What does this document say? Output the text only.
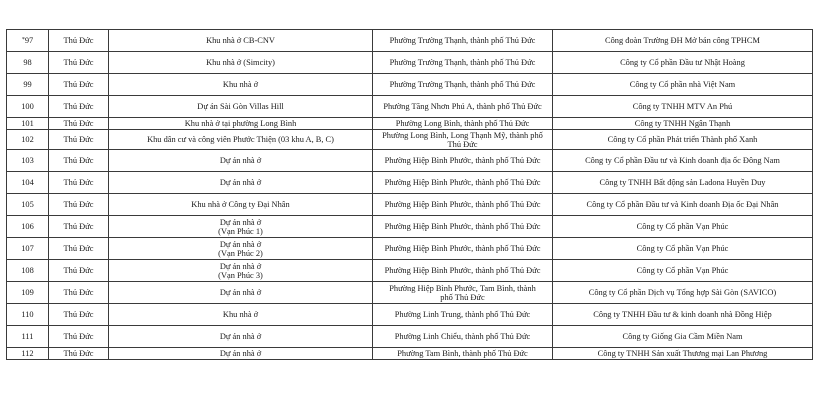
*97	Thủ Đức	Khu nhà ở CB-CNV	Phường Trường Thạnh, thành phố Thủ Đức	Công đoàn Trường ĐH Mở bán công TPHCM
98	Thủ Đức	Khu nhà ở (Simcity)	Phường Trường Thạnh, thành phố Thủ Đức	Công ty Cổ phần Đầu tư Nhật Hoàng
99	Thủ Đức	Khu nhà ở	Phường Trường Thạnh, thành phố Thủ Đức	Công ty Cổ phần nhà Việt Nam
100	Thủ Đức	Dự án Sài Gòn Villas Hill	Phường Tăng Nhơn Phú A, thành phố Thủ Đức	Công ty TNHH MTV An Phú
101	Thủ Đức	Khu nhà ở tại phường Long Bình	Phường Long Bình, thành phố Thủ Đức	Công ty TNHH Ngân Thạnh
102	Thủ Đức	Khu dân cư và công viên Phước Thiện (03 khu A, B, C)	Phường Long Bình, Long Thạnh Mỹ, thành phố
Thủ Đức	Công ty Cổ phần Phát triển Thành phố Xanh
103	Thủ Đức	Dự án nhà ở	Phường Hiệp Bình Phước, thành phố Thủ Đức	Công ty Cổ phần Đầu tư và Kinh doanh địa ốc Đông Nam
104	Thủ Đức	Dự án nhà ở	Phường Hiệp Bình Phước, thành phố Thủ Đức	Công ty TNHH Bất động sản Ladona Huyền Duy
105	Thủ Đức	Khu nhà ở Công ty Đại Nhân	Phường Hiệp Bình Phước, thành phố Thủ Đức	Công ty Cổ phần Đầu tư và Kinh doanh Địa ốc Đại Nhân
106	Thủ Đức	Dự án nhà ở
(Vạn Phúc 1)	Phường Hiệp Bình Phước, thành phố Thủ Đức	Công ty Cổ phần Vạn Phúc
107	Thủ Đức	Dự án nhà ở
(Vạn Phúc 2)	Phường Hiệp Bình Phước, thành phố Thủ Đức	Công ty Cổ phần Vạn Phúc
108	Thủ Đức	Dự án nhà ở
(Vạn Phúc 3)	Phường Hiệp Bình Phước, thành phố Thủ Đức	Công ty Cổ phần Vạn Phúc
109	Thủ Đức	Dự án nhà ở	Phường Hiệp Bình Phước, Tam Bình, thành
phố Thủ Đức	Công ty Cổ phần Dịch vụ Tổng hợp Sài Gòn (SAVICO)
110	Thủ Đức	Khu nhà ở	Phường Linh Trung, thành phố Thủ Đức	Công ty TNHH Đầu tư & kinh doanh nhà Đồng Hiệp
111	Thủ Đức	Dự án nhà ở	Phường Linh Chiểu, thành phố Thủ Đức	Công ty Giống Gia Cầm Miền Nam
112	Thủ Đức	Dự án nhà ở	Phường Tam Bình, thành phố Thủ Đức	Công ty TNHH Sản xuất Thương mại Lan Phương
